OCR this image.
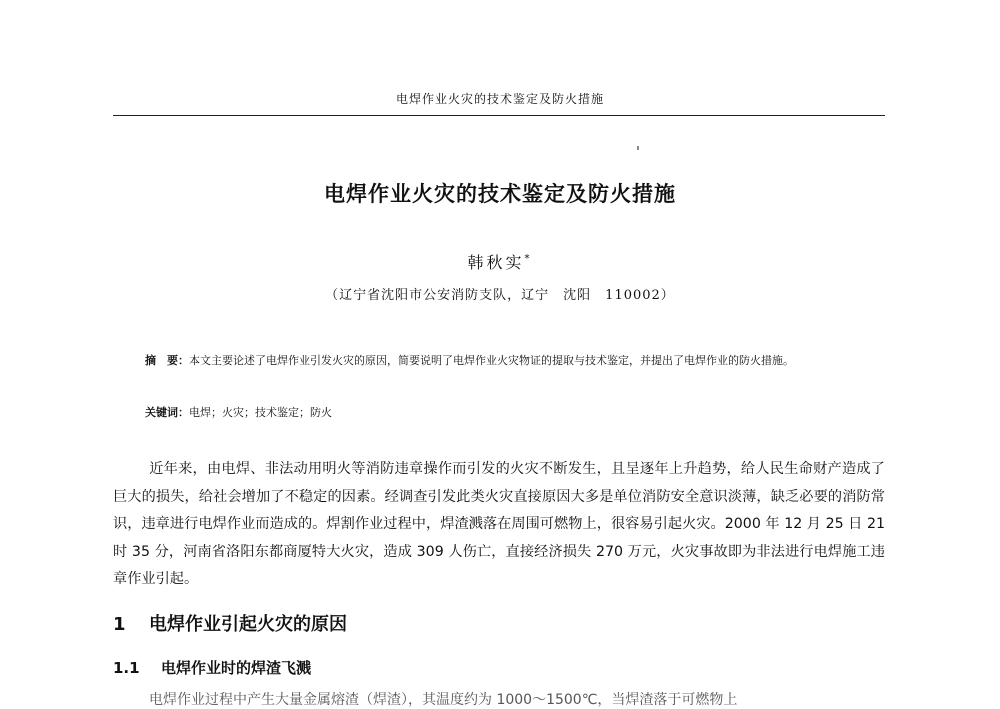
电焊作业火灾的技术鉴定及防火措施
电焊作业火灾的技术鉴定及防火措施
韩秋实*
（辽宁省沈阳市公安消防支队，辽宁　沈阳　110002）
摘　要：本文主要论述了电焊作业引发火灾的原因，简要说明了电焊作业火灾物证的提取与技术鉴定，并提出了电焊作业的防火措施。
关键词：电焊；火灾；技术鉴定；防火
近年来，由电焊、非法动用明火等消防违章操作而引发的火灾不断发生，且呈逐年上升趋势，给人民生命财产造成了巨大的损失，给社会增加了不稳定的因素。经调查引发此类火灾直接原因大多是单位消防安全意识淡薄，缺乏必要的消防常识，违章进行电焊作业而造成的。焊割作业过程中，焊渣溅落在周围可燃物上，很容易引起火灾。2000 年 12 月 25 日 21 时 35 分，河南省洛阳东都商厦特大火灾，造成 309 人伤亡，直接经济损失 270 万元，火灾事故即为非法进行电焊施工违章作业引起。
1 电焊作业引起火灾的原因
1.1 电焊作业时的焊渣飞溅
电焊作业过程中产生大量金属熔渣（焊渣），其温度约为 1000～1500℃，当焊渣落于可燃物上
